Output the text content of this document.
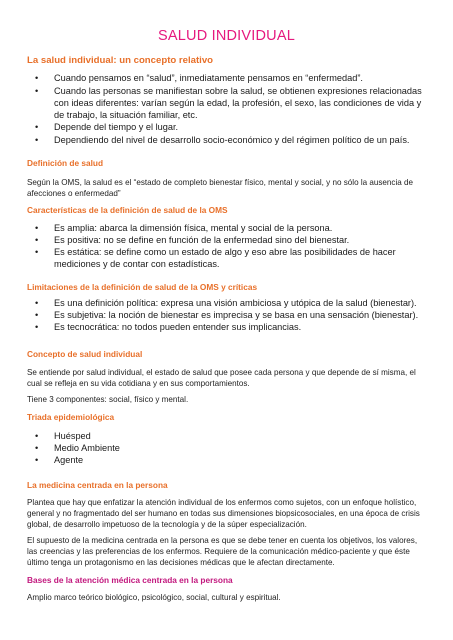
SALUD INDIVIDUAL
La salud individual: un concepto relativo
• Cuando pensamos en “salud”, inmediatamente pensamos en “enfermedad”.
• Cuando las personas se manifiestan sobre la salud, se obtienen expresiones relacionadas con ideas diferentes: varían según la edad, la profesión, el sexo, las condiciones de vida y de trabajo, la situación familiar, etc.
• Depende del tiempo y el lugar.
• Dependiendo del nivel de desarrollo socio-económico y del régimen político de un país.
Definición de salud

Según la OMS, la salud es el “estado de completo bienestar físico, mental y social, y no sólo la ausencia de afecciones o enfermedad”

Características de la definición de salud de la OMS
• Es amplia: abarca la dimensión física, mental y social de la persona.
• Es positiva: no se define en función de la enfermedad sino del bienestar.
• Es estática: se define como un estado de algo y eso abre las posibilidades de hacer mediciones y de contar con estadísticas.
Limitaciones de la definición de salud de la OMS y críticas
• Es una definición política: expresa una visión ambiciosa y utópica de la salud (bienestar).
• Es subjetiva: la noción de bienestar es imprecisa y se basa en una sensación (bienestar).
• Es tecnocrática: no todos pueden entender sus implicancias.
Concepto de salud individual

Se entiende por salud individual, el estado de salud que posee cada persona y que depende de sí misma, el cual se refleja en su vida cotidiana y en sus comportamientos.

Tiene 3 componentes: social, físico y mental.

Triada epidemiológica
• Huésped
• Medio Ambiente
• Agente
La medicina centrada en la persona

Plantea que hay que enfatizar la atención individual de los enfermos como sujetos, con un enfoque holístico, general y no fragmentado del ser humano en todas sus dimensiones biopsicosociales, en una época de crisis global, de desarrollo impetuoso de la tecnología y de la súper especialización.

El supuesto de la medicina centrada en la persona es que se debe tener en cuenta los objetivos, los valores, las creencias y las preferencias de los enfermos. Requiere de la comunicación médico-paciente y que éste último tenga un protagonismo en las decisiones médicas que le afectan directamente.

Bases de la atención médica centrada en la persona

Amplio marco teórico biológico, psicológico, social, cultural y espiritual.
